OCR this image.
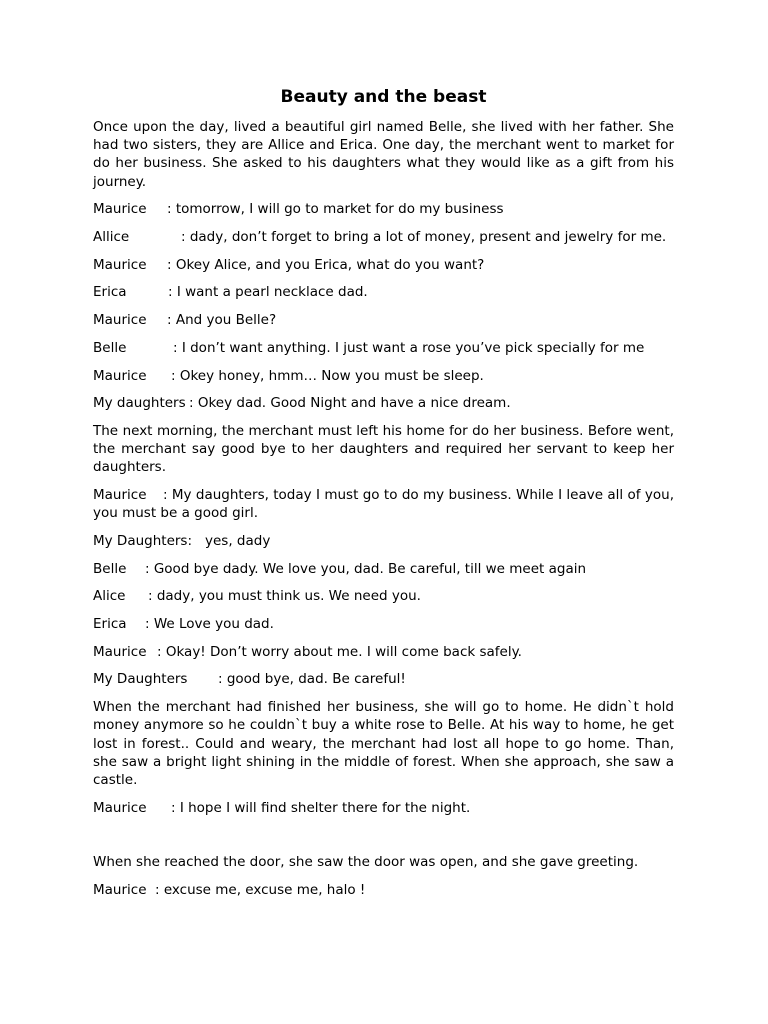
Beauty and the beast

Once upon the day, lived a beautiful girl named Belle, she lived with her father. She had two sisters, they are Allice and Erica. One day, the merchant went to market for do her business. She asked to his daughters what they would like as a gift from his journey.

Maurice : tomorrow, I will go to market for do my business

Allice	: dady, don’t forget to bring a lot of money, present and jewelry for me.

Maurice : Okey Alice, and you Erica, what do you want?

Erica	: I want a pearl necklace dad.

Maurice : And you Belle?

Belle	: I don’t want anything. I just want a rose you’ve pick specially for me

Maurice : Okey honey, hmm… Now you must be sleep.

My daughters : Okey dad. Good Night and have a nice dream.

The next morning, the merchant must left his home for do her business. Before went, the merchant say good bye to her daughters and required her servant to keep her daughters.

Maurice : My daughters, today I must go to do my business. While I leave all of you, you must be a good girl.

My Daughters: yes, dady

Belle : Good bye dady. We love you, dad. Be careful, till we meet again

Alice : dady, you must think us. We need you.

Erica : We Love you dad.

Maurice : Okay! Don’t worry about me. I will come back safely.

My Daughters : good bye, dad. Be careful!

When the merchant had finished her business, she will go to home. He didn`t hold money anymore so he couldn`t buy a white rose to Belle. At his way to home, he get lost in forest.. Could and weary, the merchant had lost all hope to go home. Than, she saw a bright light shining in the middle of forest. When she approach, she saw a castle.

Maurice : I hope I will find shelter there for the night.

When she reached the door, she saw the door was open, and she gave greeting.

Maurice : excuse me, excuse me, halo !
